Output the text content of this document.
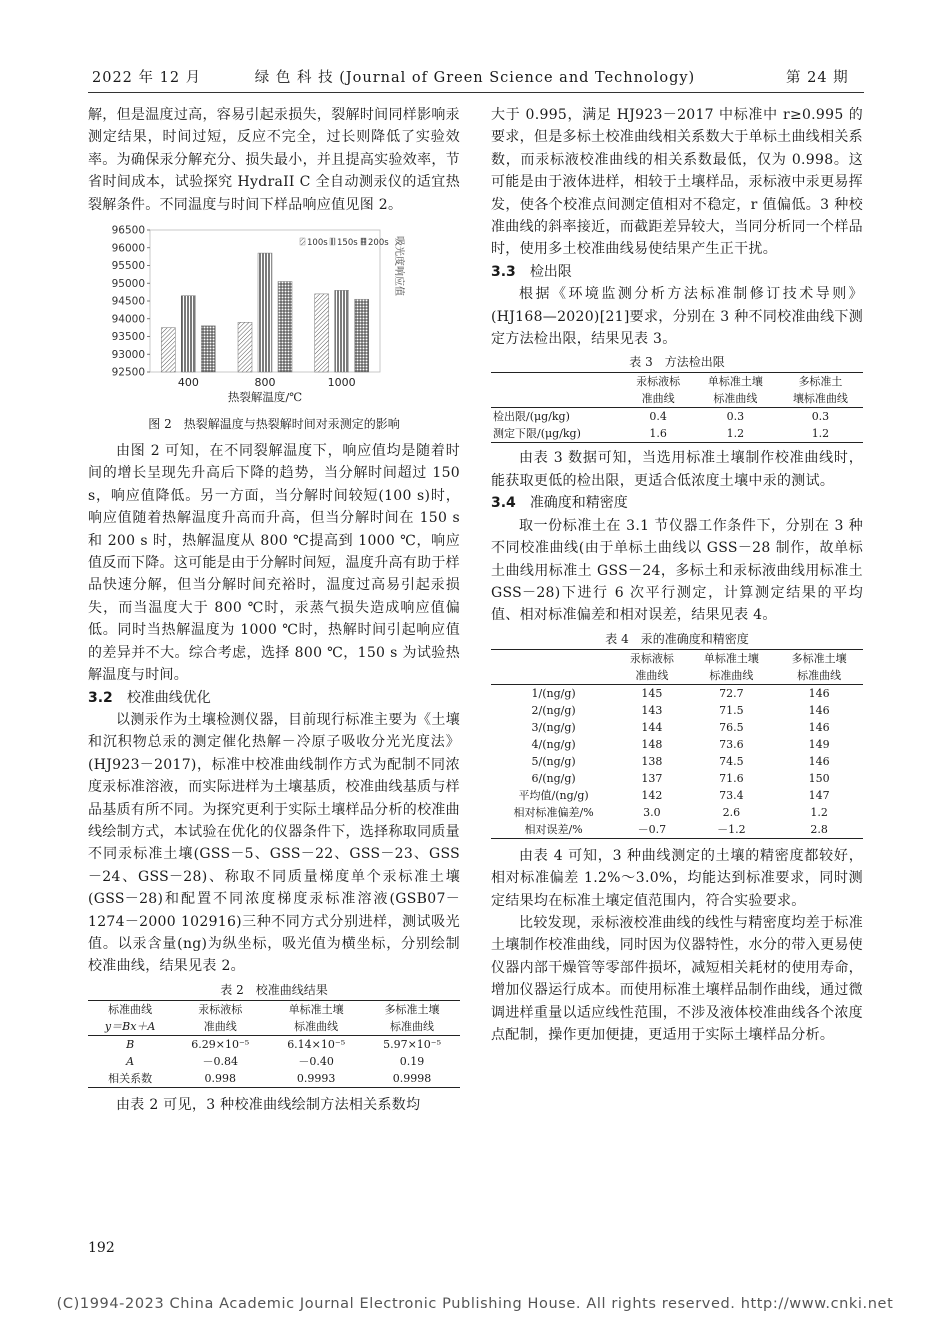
2022 年 12 月	绿 色 科 技 (Journal of Green Science and Technology)	第 24 期

解，但是温度过高，容易引起汞损失，裂解时间同样影响汞测定结果，时间过短，反应不完全，过长则降低了实验效率。为确保汞分解充分、损失最小，并且提高实验效率，节省时间成本，试验探究 HydraII C 全自动测汞仪的适宜热裂解条件。不同温度与时间下样品响应值见图 2。

92500
93000
93500
94000
94500
95000
95500
96000
96500
400	800	1000
热裂解温度/℃
吸光度响应值
100s 150s 200s
图 2　热裂解温度与热裂解时间对汞测定的影响

由图 2 可知，在不同裂解温度下，响应值均是随着时间的增长呈现先升高后下降的趋势，当分解时间超过 150 s，响应值降低。另一方面，当分解时间较短(100 s)时，响应值随着热解温度升高而升高，但当分解时间在 150 s 和 200 s 时，热解温度从 800 ℃提高到 1000 ℃，响应值反而下降。这可能是由于分解时间短，温度升高有助于样品快速分解，但当分解时间充裕时，温度过高易引起汞损失，而当温度大于 800 ℃时，汞蒸气损失造成响应值偏低。同时当热解温度为 1000 ℃时，热解时间引起响应值的差异并不大。综合考虑，选择 800 ℃，150 s 为试验热解温度与时间。

3.2 校准曲线优化

以测汞作为土壤检测仪器，目前现行标准主要为《土壤和沉积物总汞的测定催化热解－冷原子吸收分光光度法》(HJ923－2017)，标准中校准曲线制作方式为配制不同浓度汞标准溶液，而实际进样为土壤基质，校准曲线基质与样品基质有所不同。为探究更利于实际土壤样品分析的校准曲线绘制方式，本试验在优化的仪器条件下，选择称取同质量不同汞标准土壤(GSS－5、GSS－22、GSS－23、GSS－24、GSS－28)、称取不同质量梯度单个汞标准土壤(GSS－28)和配置不同浓度梯度汞标准溶液(GSB07－1274－2000 102916)三种不同方式分别进样，测试吸光值。以汞含量(ng)为纵坐标，吸光值为横坐标，分别绘制校准曲线，结果见表 2。

表 2　校准曲线结果
标准曲线	汞标液标	单标准土壤	多标准土壤
y＝Bx＋A	准曲线	标准曲线	标准曲线
B	6.29×10⁻⁵	6.14×10⁻⁵	5.97×10⁻⁵
A	－0.84	－0.40	0.19
相关系数	0.998	0.9993	0.9998

由表 2 可见，3 种校准曲线绘制方法相关系数均

192

大于 0.995，满足 HJ923－2017 中标准中 r≥0.995 的要求，但是多标土校准曲线相关系数大于单标土曲线相关系数，而汞标液校准曲线的相关系数最低，仅为 0.998。这可能是由于液体进样，相较于土壤样品，汞标液中汞更易挥发，使各个校准点间测定值相对不稳定，r 值偏低。3 种校准曲线的斜率接近，而截距差异较大，当同分析同一个样品时，使用多土校准曲线易使结果产生正干扰。

3.3 检出限

根据《环境监测分析方法标准制修订技术导则》(HJ168—2020)[21]要求，分别在 3 种不同校准曲线下测定方法检出限，结果见表 3。

表 3　方法检出限
	汞标液标	单标准土壤	多标准土
	准曲线	标准曲线	壤标准曲线
检出限/(μg/kg)	0.4	0.3	0.3
测定下限/(μg/kg)	1.6	1.2	1.2

由表 3 数据可知，当选用标准土壤制作校准曲线时，能获取更低的检出限，更适合低浓度土壤中汞的测试。

3.4 准确度和精密度

取一份标准土在 3.1 节仪器工作条件下，分别在 3 种不同校准曲线(由于单标土曲线以 GSS－28 制作，故单标土曲线用标准土 GSS－24，多标土和汞标液曲线用标准土 GSS－28)下进行 6 次平行测定，计算测定结果的平均值、相对标准偏差和相对误差，结果见表 4。

表 4　汞的准确度和精密度
	汞标液标	单标准土壤	多标准土壤
	准曲线	标准曲线	标准曲线
1/(ng/g)	145	72.7	146
2/(ng/g)	143	71.5	146
3/(ng/g)	144	76.5	146
4/(ng/g)	148	73.6	149
5/(ng/g)	138	74.5	146
6/(ng/g)	137	71.6	150
平均值/(ng/g)	142	73.4	147
相对标准偏差/%	3.0	2.6	1.2
相对误差/%	－0.7	－1.2	2.8

由表 4 可知，3 种曲线测定的土壤的精密度都较好，相对标准偏差 1.2%～3.0%，均能达到标准要求，同时测定结果均在标准土壤定值范围内，符合实验要求。

比较发现，汞标液校准曲线的线性与精密度均差于标准土壤制作校准曲线，同时因为仪器特性，水分的带入更易使仪器内部干燥管等零部件损坏，减短相关耗材的使用寿命，增加仪器运行成本。而使用标准土壤样品制作曲线，通过微调进样重量以适应线性范围，不涉及液体校准曲线各个浓度点配制，操作更加便捷，更适用于实际土壤样品分析。

(C)1994-2023 China Academic Journal Electronic Publishing House. All rights reserved. http://www.cnki.net
